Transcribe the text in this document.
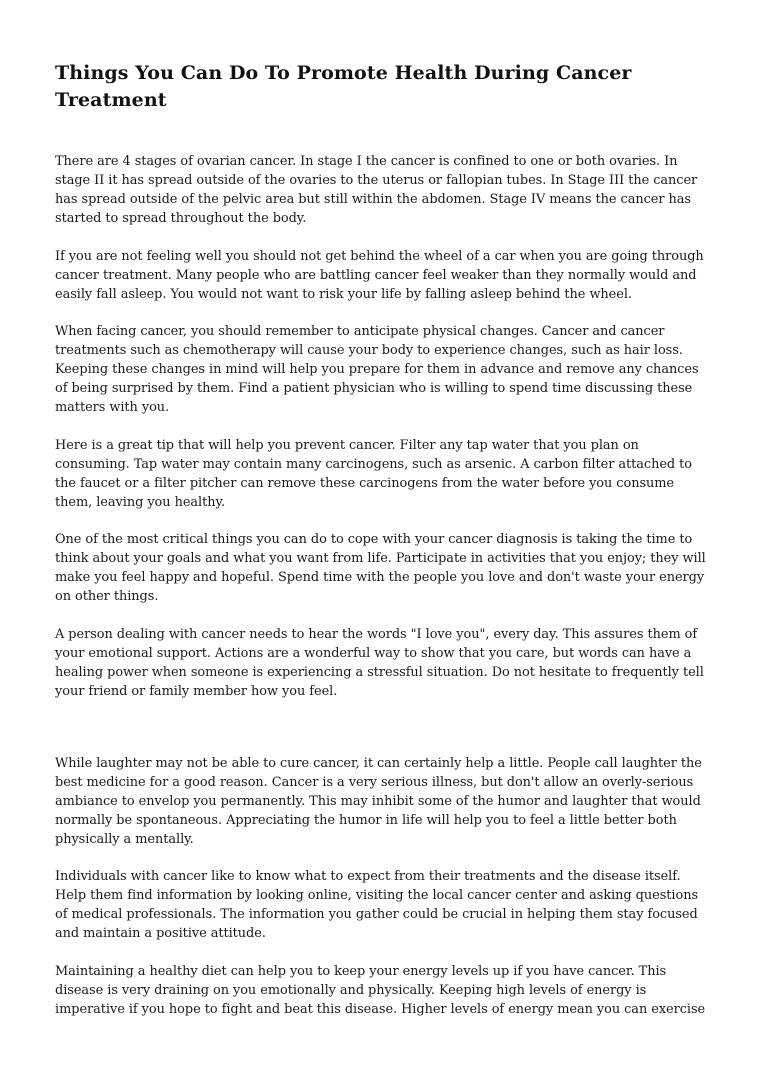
Things You Can Do To Promote Health During Cancer Treatment

There are 4 stages of ovarian cancer. In stage I the cancer is confined to one or both ovaries. In stage II it has spread outside of the ovaries to the uterus or fallopian tubes. In Stage III the cancer has spread outside of the pelvic area but still within the abdomen. Stage IV means the cancer has started to spread throughout the body.

If you are not feeling well you should not get behind the wheel of a car when you are going through cancer treatment. Many people who are battling cancer feel weaker than they normally would and easily fall asleep. You would not want to risk your life by falling asleep behind the wheel.

When facing cancer, you should remember to anticipate physical changes. Cancer and cancer treatments such as chemotherapy will cause your body to experience changes, such as hair loss. Keeping these changes in mind will help you prepare for them in advance and remove any chances of being surprised by them. Find a patient physician who is willing to spend time discussing these matters with you.

Here is a great tip that will help you prevent cancer. Filter any tap water that you plan on consuming. Tap water may contain many carcinogens, such as arsenic. A carbon filter attached to the faucet or a filter pitcher can remove these carcinogens from the water before you consume them, leaving you healthy.

One of the most critical things you can do to cope with your cancer diagnosis is taking the time to think about your goals and what you want from life. Participate in activities that you enjoy; they will make you feel happy and hopeful. Spend time with the people you love and don't waste your energy on other things.

A person dealing with cancer needs to hear the words "I love you", every day. This assures them of your emotional support. Actions are a wonderful way to show that you care, but words can have a healing power when someone is experiencing a stressful situation. Do not hesitate to frequently tell your friend or family member how you feel.

While laughter may not be able to cure cancer, it can certainly help a little. People call laughter the best medicine for a good reason. Cancer is a very serious illness, but don't allow an overly-serious ambiance to envelop you permanently. This may inhibit some of the humor and laughter that would normally be spontaneous. Appreciating the humor in life will help you to feel a little better both physically a mentally.

Individuals with cancer like to know what to expect from their treatments and the disease itself. Help them find information by looking online, visiting the local cancer center and asking questions of medical professionals. The information you gather could be crucial in helping them stay focused and maintain a positive attitude.

Maintaining a healthy diet can help you to keep your energy levels up if you have cancer. This disease is very draining on you emotionally and physically. Keeping high levels of energy is imperative if you hope to fight and beat this disease. Higher levels of energy mean you can exercise
